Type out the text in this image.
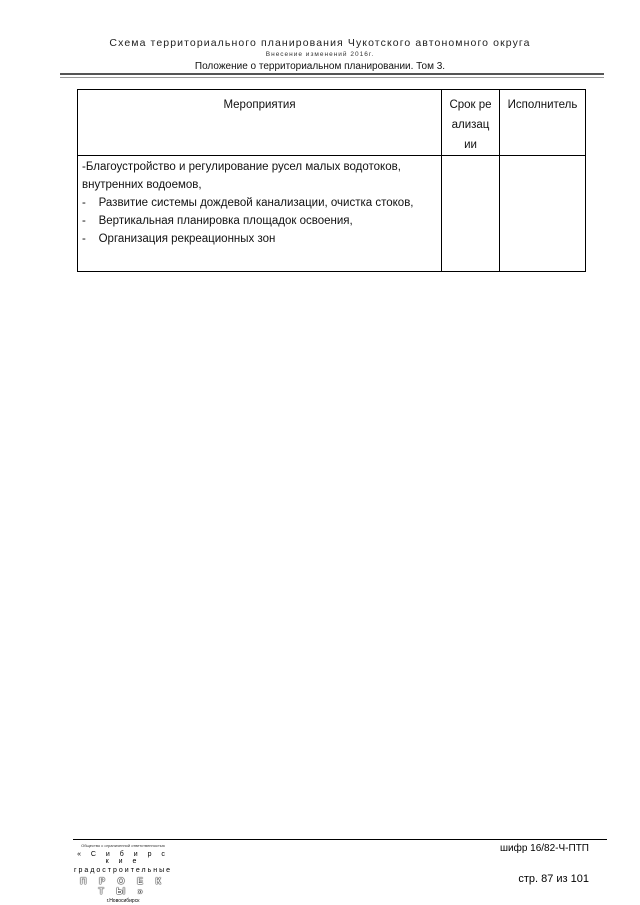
Схема территориального планирования Чукотского автономного округа
Внесение изменений 2016г.
Положение о территориальном планировании. Том 3.
Мероприятия	Срок реализации	Исполнитель

-Благоустройство и регулирование русел малых водотоков, внутренних водоемов,
-    Развитие системы дождевой канализации, очистка стоков,
-    Вертикальная планировка площадок освоения,
-    Организация рекреационных зон		

Общество с ограниченной ответственностью
« С и б и р с к и е
градостроительные
П Р О Е К Т Ы »
г.Новосибирск
шифр 16/82-Ч-ПТП
стр. 87 из 101
